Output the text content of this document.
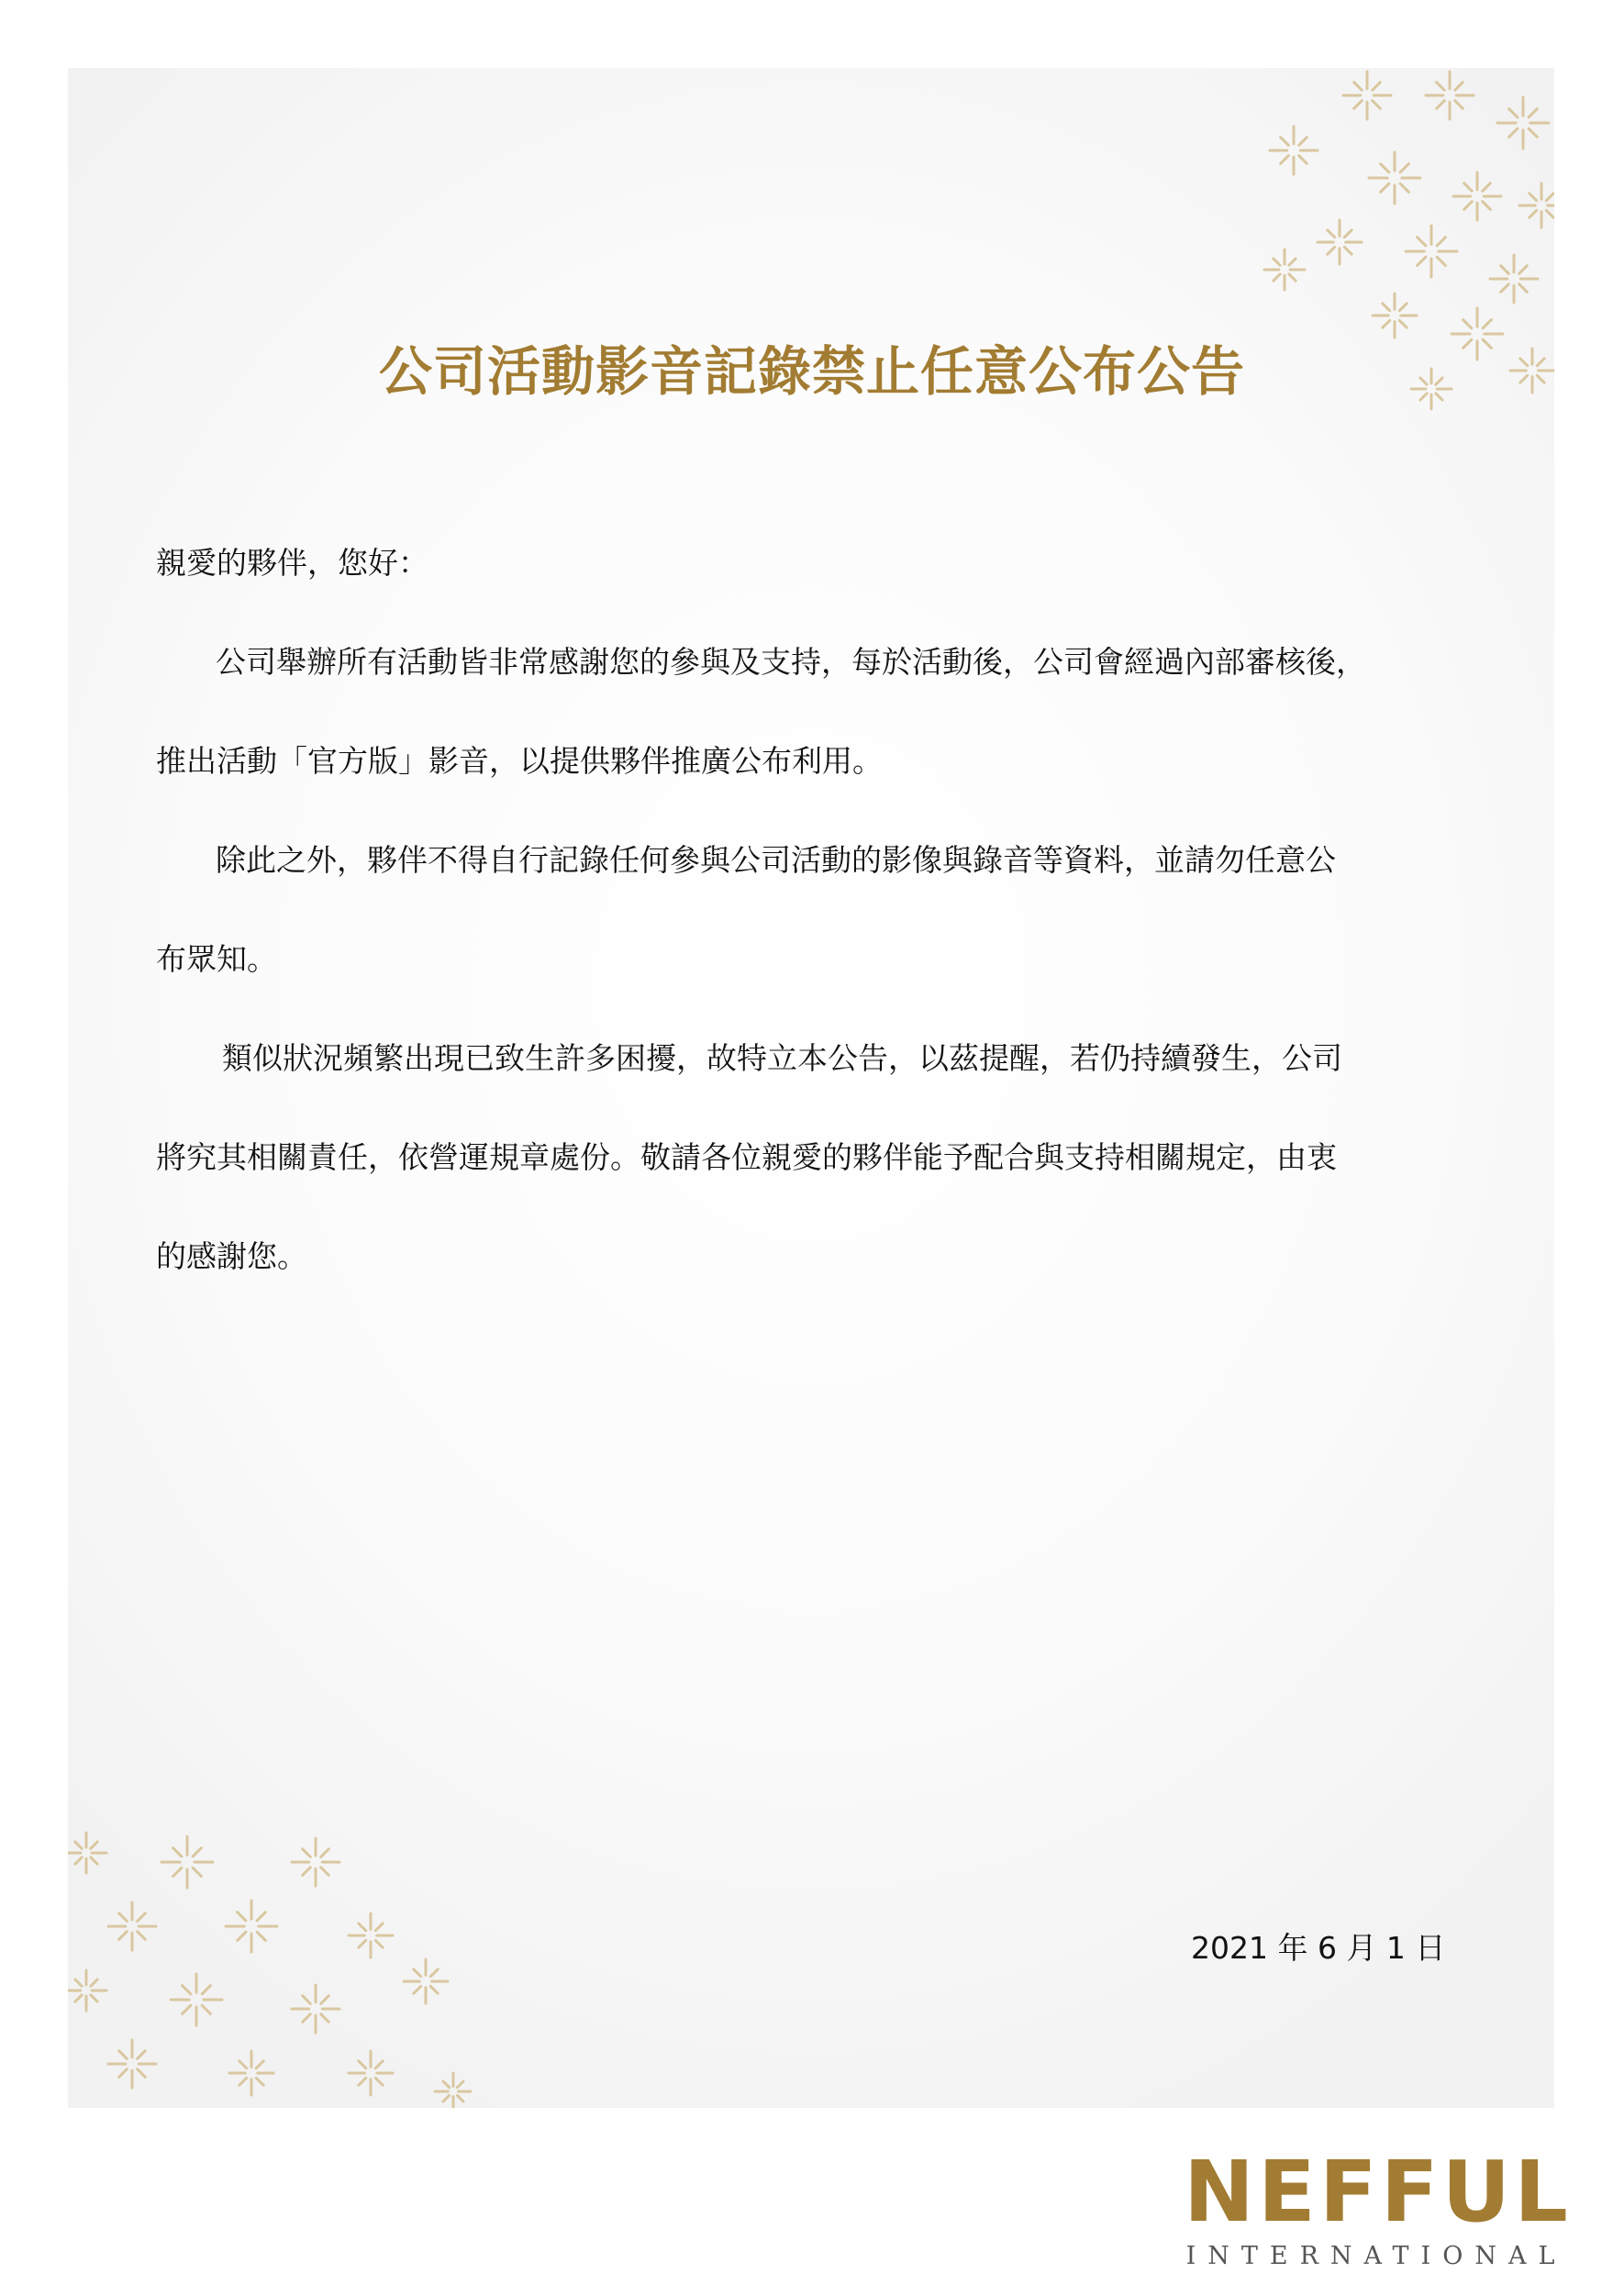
公司活動影音記錄禁止任意公布公告

親愛的夥伴，您好：

公司舉辦所有活動皆非常感謝您的參與及支持，每於活動後，公司會經過內部審核後，

推出活動「官方版」影音，以提供夥伴推廣公布利用。

除此之外，夥伴不得自行記錄任何參與公司活動的影像與錄音等資料，並請勿任意公

布眾知。

類似狀況頻繁出現已致生許多困擾，故特立本公告，以茲提醒，若仍持續發生，公司

將究其相關責任，依營運規章處份。敬請各位親愛的夥伴能予配合與支持相關規定，由衷

的感謝您。

2021 年 6 月 1 日

NEFFUL
INTERNATIONAL
